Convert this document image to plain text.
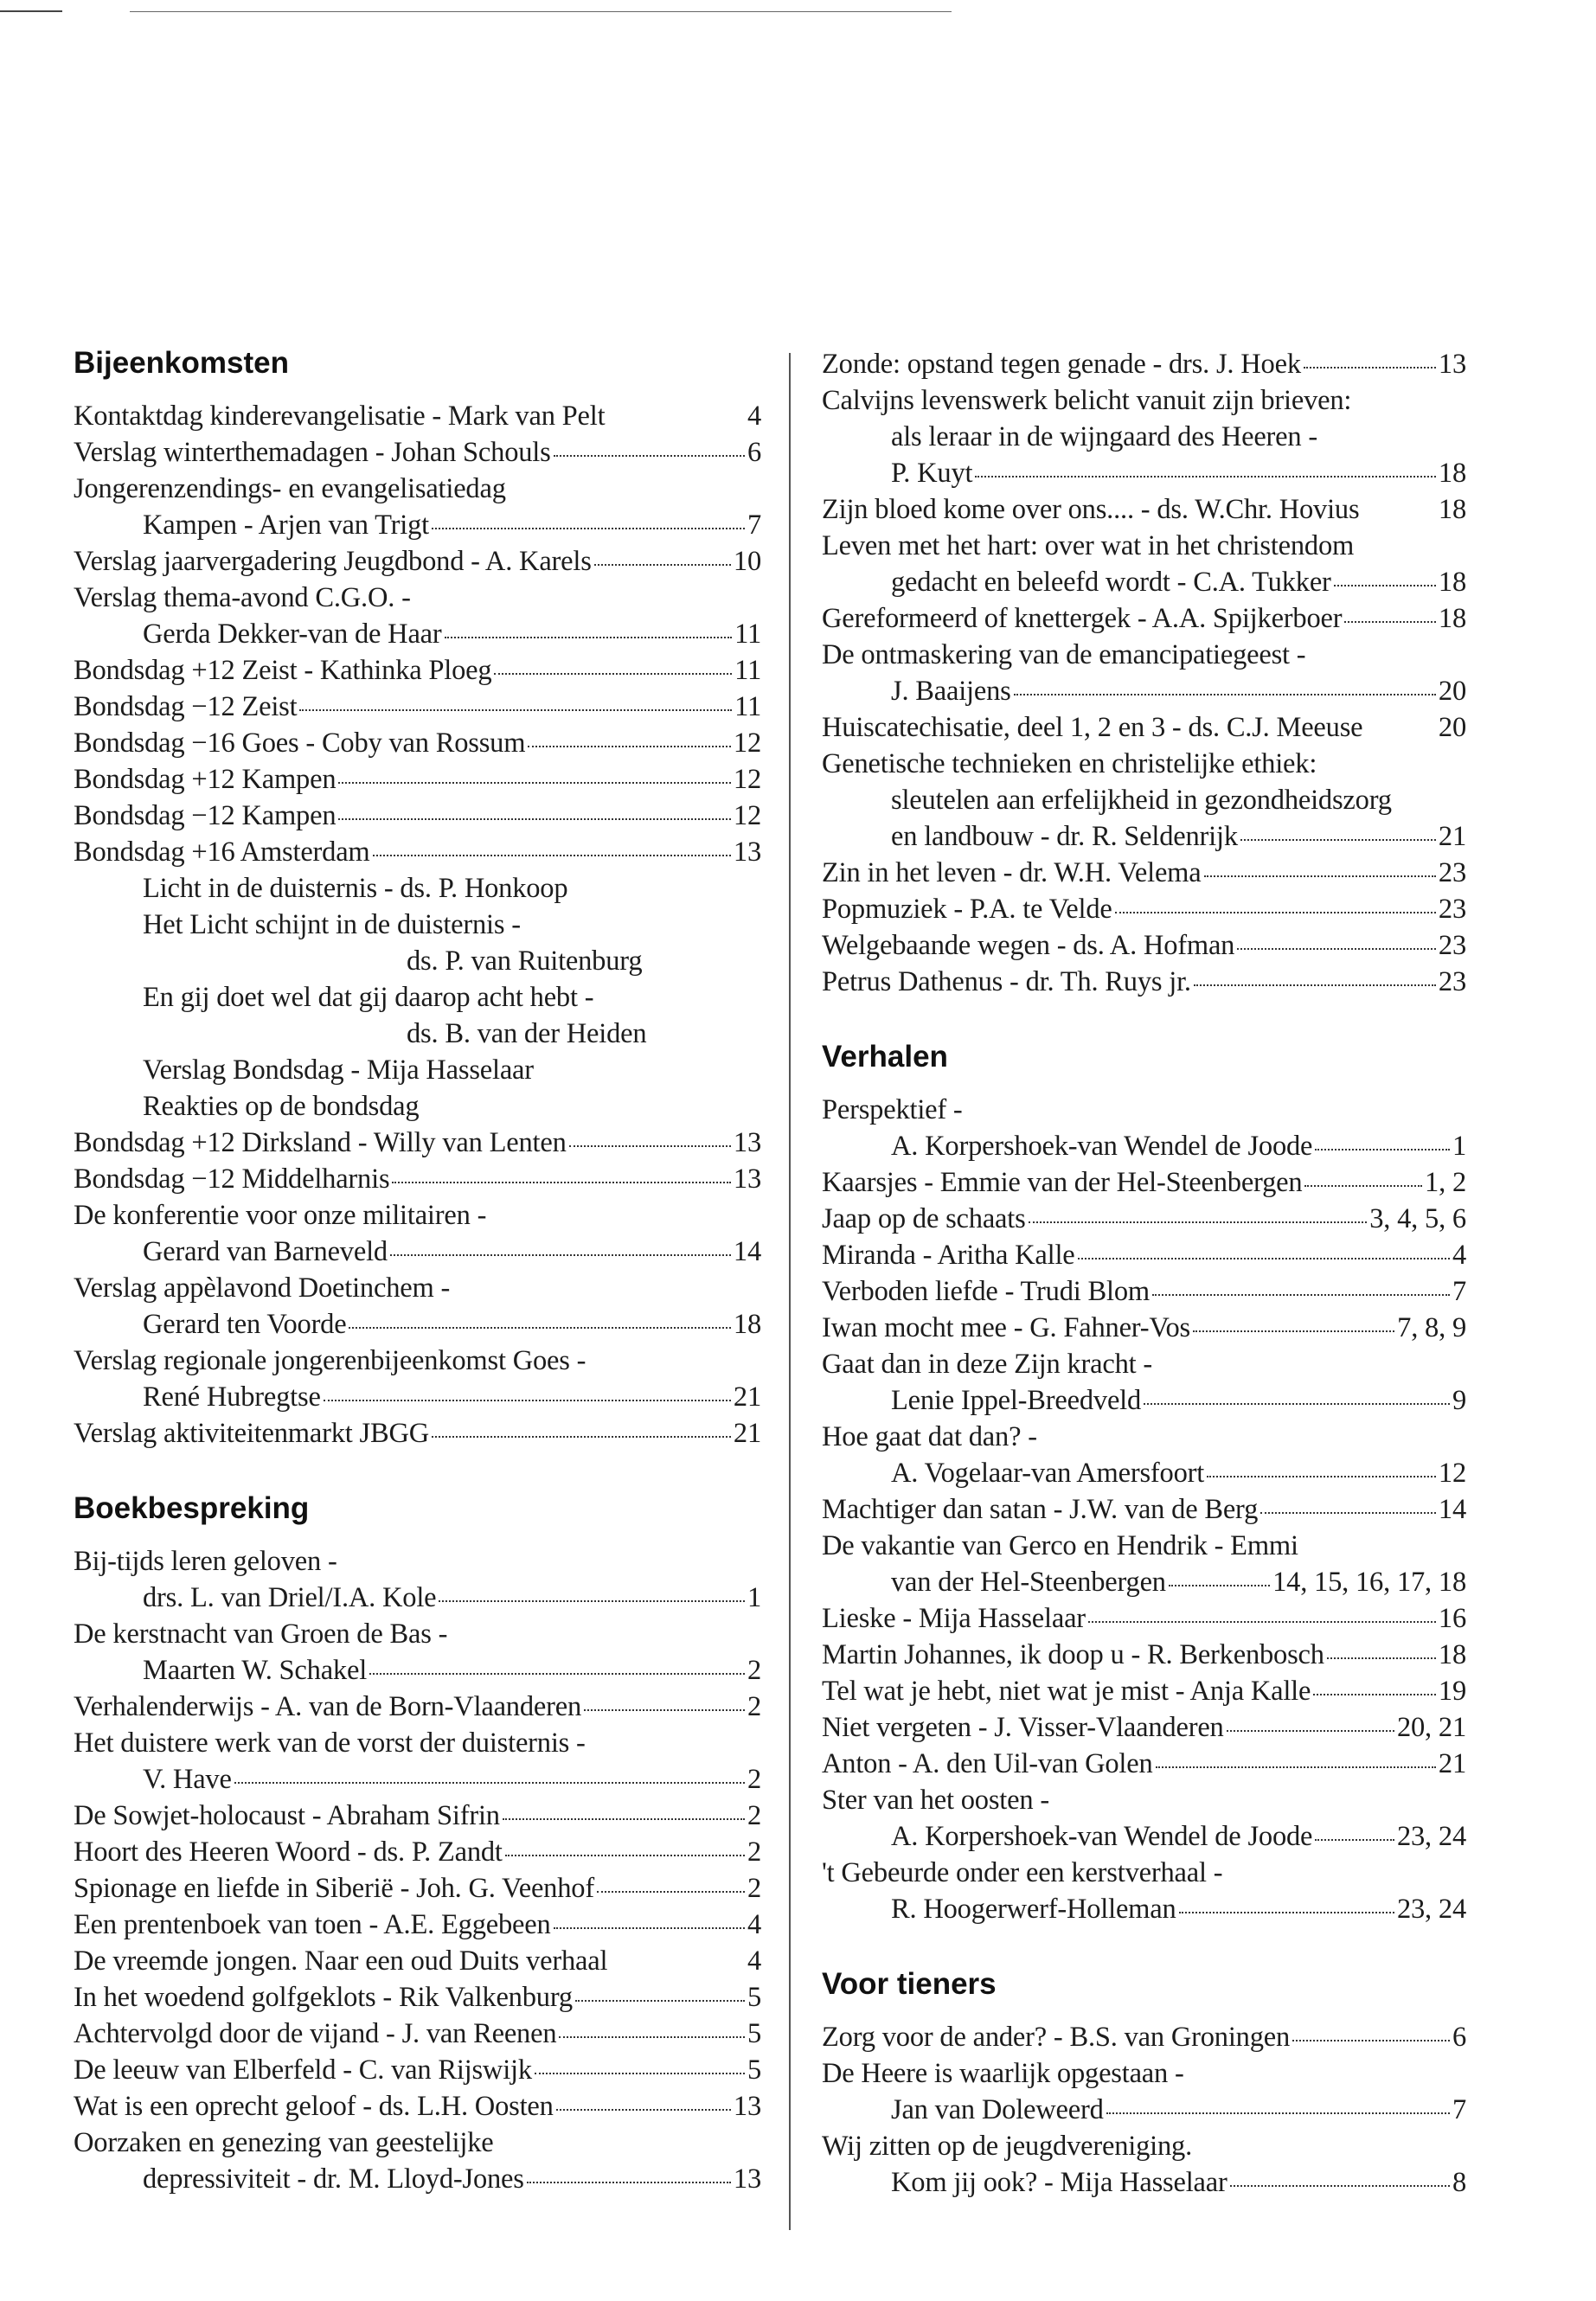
Bijeenkomsten
Kontaktdag kinderevangelisatie - Mark van Pelt	4
Verslag winterthemadagen - Johan Schouls	6
Jongerenzendings- en evangelisatiedag
Kampen - Arjen van Trigt	7
Verslag jaarvergadering Jeugdbond - A. Karels	10
Verslag thema-avond C.G.O. -
Gerda Dekker-van de Haar	11
Bondsdag +12 Zeist - Kathinka Ploeg	11
Bondsdag −12 Zeist	11
Bondsdag −16 Goes - Coby van Rossum	12
Bondsdag +12 Kampen	12
Bondsdag −12 Kampen	12
Bondsdag +16 Amsterdam	13
Licht in de duisternis - ds. P. Honkoop
Het Licht schijnt in de duisternis -
ds. P. van Ruitenburg
En gij doet wel dat gij daarop acht hebt -
ds. B. van der Heiden
Verslag Bondsdag - Mija Hasselaar
Reakties op de bondsdag
Bondsdag +12 Dirksland - Willy van Lenten	13
Bondsdag −12 Middelharnis	13
De konferentie voor onze militairen -
Gerard van Barneveld	14
Verslag appèlavond Doetinchem -
Gerard ten Voorde	18
Verslag regionale jongerenbijeenkomst Goes -
René Hubregtse	21
Verslag aktiviteitenmarkt JBGG	21
Boekbespreking
Bij-tijds leren geloven -
drs. L. van Driel/I.A. Kole	1
De kerstnacht van Groen de Bas -
Maarten W. Schakel	2
Verhalenderwijs - A. van de Born-Vlaanderen	2
Het duistere werk van de vorst der duisternis -
V. Have	2
De Sowjet-holocaust - Abraham Sifrin	2
Hoort des Heeren Woord - ds. P. Zandt	2
Spionage en liefde in Siberië - Joh. G. Veenhof	2
Een prentenboek van toen - A.E. Eggebeen	4
De vreemde jongen. Naar een oud Duits verhaal	4
In het woedend golfgeklots - Rik Valkenburg	5
Achtervolgd door de vijand - J. van Reenen	5
De leeuw van Elberfeld - C. van Rijswijk	5
Wat is een oprecht geloof - ds. L.H. Oosten	13
Oorzaken en genezing van geestelijke
depressiviteit - dr. M. Lloyd-Jones	13
Zonde: opstand tegen genade - drs. J. Hoek	13
Calvijns levenswerk belicht vanuit zijn brieven:
als leraar in de wijngaard des Heeren -
P. Kuyt	18
Zijn bloed kome over ons.... - ds. W.Chr. Hovius	18
Leven met het hart: over wat in het christendom
gedacht en beleefd wordt - C.A. Tukker	18
Gereformeerd of knettergek - A.A. Spijkerboer	18
De ontmaskering van de emancipatiegeest -
J. Baaijens	20
Huiscatechisatie, deel 1, 2 en 3 - ds. C.J. Meeuse	20
Genetische technieken en christelijke ethiek:
sleutelen aan erfelijkheid in gezondheidszorg
en landbouw - dr. R. Seldenrijk	21
Zin in het leven - dr. W.H. Velema	23
Popmuziek - P.A. te Velde	23
Welgebaande wegen - ds. A. Hofman	23
Petrus Dathenus - dr. Th. Ruys jr.	23
Verhalen
Perspektief -
A. Korpershoek-van Wendel de Joode	1
Kaarsjes - Emmie van der Hel-Steenbergen	1, 2
Jaap op de schaats	3, 4, 5, 6
Miranda - Aritha Kalle	4
Verboden liefde - Trudi Blom	7
Iwan mocht mee - G. Fahner-Vos	7, 8, 9
Gaat dan in deze Zijn kracht -
Lenie Ippel-Breedveld	9
Hoe gaat dat dan? -
A. Vogelaar-van Amersfoort	12
Machtiger dan satan - J.W. van de Berg	14
De vakantie van Gerco en Hendrik - Emmi
van der Hel-Steenbergen	14, 15, 16, 17, 18
Lieske - Mija Hasselaar	16
Martin Johannes, ik doop u - R. Berkenbosch	18
Tel wat je hebt, niet wat je mist - Anja Kalle	19
Niet vergeten - J. Visser-Vlaanderen	20, 21
Anton - A. den Uil-van Golen	21
Ster van het oosten -
A. Korpershoek-van Wendel de Joode	23, 24
't Gebeurde onder een kerstverhaal -
R. Hoogerwerf-Holleman	23, 24
Voor tieners
Zorg voor de ander? - B.S. van Groningen	6
De Heere is waarlijk opgestaan -
Jan van Doleweerd	7
Wij zitten op de jeugdvereniging.
Kom jij ook? - Mija Hasselaar	8
